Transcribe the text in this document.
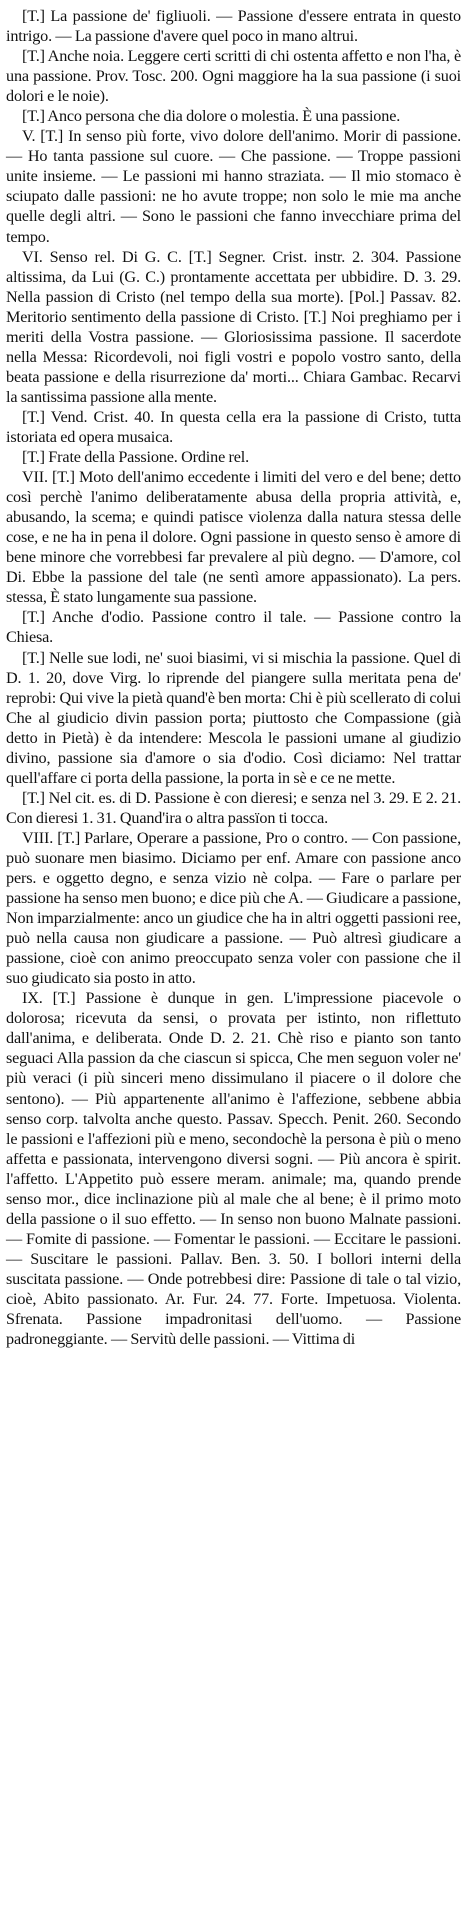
[T.] La passione de' figliuoli. — Passione d'essere entrata in questo intrigo. — La passione d'avere quel poco in mano altrui.

[T.] Anche noia. Leggere certi scritti di chi ostenta affetto e non l'ha, è una passione. Prov. Tosc. 200. Ogni maggiore ha la sua passione (i suoi dolori e le noie).

[T.] Anco persona che dia dolore o molestia. È una passione.

V. [T.] In senso più forte, vivo dolore dell'animo. Morir di passione. — Ho tanta passione sul cuore. — Che passione. — Troppe passioni unite insieme. — Le passioni mi hanno straziata. — Il mio stomaco è sciupato dalle passioni: ne ho avute troppe; non solo le mie ma anche quelle degli altri. — Sono le passioni che fanno invecchiare prima del tempo.

VI. Senso rel. Di G. C. [T.] Segner. Crist. instr. 2. 304. Passione altissima, da Lui (G. C.) prontamente accettata per ubbidire. D. 3. 29. Nella passion di Cristo (nel tempo della sua morte). [Pol.] Passav. 82. Meritorio sentimento della passione di Cristo. [T.] Noi preghiamo per i meriti della Vostra passione. — Gloriosissima passione. Il sacerdote nella Messa: Ricordevoli, noi figli vostri e popolo vostro santo, della beata passione e della risurrezione da' morti... Chiara Gambac. Recarvi la santissima passione alla mente.

[T.] Vend. Crist. 40. In questa cella era la passione di Cristo, tutta istoriata ed opera musaica.

[T.] Frate della Passione. Ordine rel.

VII. [T.] Moto dell'animo eccedente i limiti del vero e del bene; detto così perchè l'animo deliberatamente abusa della propria attività, e, abusando, la scema; e quindi patisce violenza dalla natura stessa delle cose, e ne ha in pena il dolore. Ogni passione in questo senso è amore di bene minore che vorrebbesi far prevalere al più degno. — D'amore, col Di. Ebbe la passione del tale (ne sentì amore appassionato). La pers. stessa, È stato lungamente sua passione.

[T.] Anche d'odio. Passione contro il tale. — Passione contro la Chiesa.

[T.] Nelle sue lodi, ne' suoi biasimi, vi si mischia la passione. Quel di D. 1. 20, dove Virg. lo riprende del piangere sulla meritata pena de' reprobi: Qui vive la pietà quand'è ben morta: Chi è più scellerato di colui Che al giudicio divin passion porta; piuttosto che Compassione (già detto in Pietà) è da intendere: Mescola le passioni umane al giudizio divino, passione sia d'amore o sia d'odio. Così diciamo: Nel trattar quell'affare ci porta della passione, la porta in sè e ce ne mette.

[T.] Nel cit. es. di D. Passione è con dieresi; e senza nel 3. 29. E 2. 21. Con dieresi 1. 31. Quand'ira o altra passïon ti tocca.

VIII. [T.] Parlare, Operare a passione, Pro o contro. — Con passione, può suonare men biasimo. Diciamo per enf. Amare con passione anco pers. e oggetto degno, e senza vizio nè colpa. — Fare o parlare per passione ha senso men buono; e dice più che A. — Giudicare a passione, Non imparzialmente: anco un giudice che ha in altri oggetti passioni ree, può nella causa non giudicare a passione. — Può altresì giudicare a passione, cioè con animo preoccupato senza voler con passione che il suo giudicato sia posto in atto.

IX. [T.] Passione è dunque in gen. L'impressione piacevole o dolorosa; ricevuta da sensi, o provata per istinto, non riflettuto dall'anima, e deliberata. Onde D. 2. 21. Chè riso e pianto son tanto seguaci Alla passion da che ciascun si spicca, Che men seguon voler ne' più veraci (i più sinceri meno dissimulano il piacere o il dolore che sentono). — Più appartenente all'animo è l'affezione, sebbene abbia senso corp. talvolta anche questo. Passav. Specch. Penit. 260. Secondo le passioni e l'affezioni più e meno, secondochè la persona è più o meno affetta e passionata, intervengono diversi sogni. — Più ancora è spirit. l'affetto. L'Appetito può essere meram. animale; ma, quando prende senso mor., dice inclinazione più al male che al bene; è il primo moto della passione o il suo effetto. — In senso non buono Malnate passioni. — Fomite di passione. — Fomentar le passioni. — Eccitare le passioni. — Suscitare le passioni. Pallav. Ben. 3. 50. I bollori interni della suscitata passione. — Onde potrebbesi dire: Passione di tale o tal vizio, cioè, Abito passionato. Ar. Fur. 24. 77. Forte. Impetuosa. Violenta. Sfrenata. Passione impadronitasi dell'uomo. — Passione padroneggiante. — Servitù delle passioni. — Vittima di
